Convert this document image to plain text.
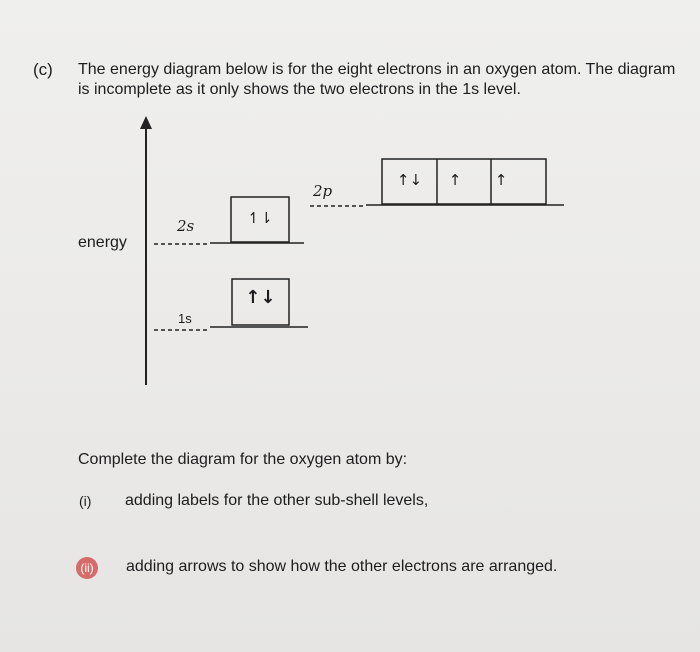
(c) The energy diagram below is for the eight electrons in an oxygen atom. The diagram is incomplete as it only shows the two electrons in the 1s level.
energy
1s
↑↓
2s	↿⇂
2p
↑↓	↑	↑
Complete the diagram for the oxygen atom by:
(i) adding labels for the other sub-shell levels,
(ii) adding arrows to show how the other electrons are arranged.
